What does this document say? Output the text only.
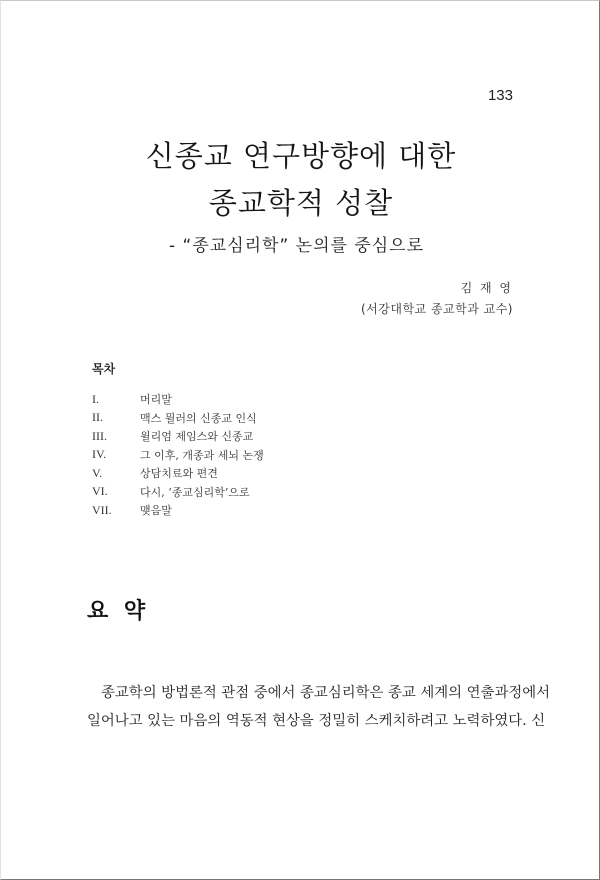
133
신종교 연구방향에 대한
종교학적 성찰
- “종교심리학” 논의를 중심으로
김 재 영
(서강대학교 종교학과 교수)
목차
I.	머리말
II.	맥스 뮐러의 신종교 인식
III.	윌리엄 제임스와 신종교
IV.	그 이후, 개종과 세뇌 논쟁
V.	상담치료와 편견
VI.	다시, ‘종교심리학’으로
VII.	맺음말
요 약
종교학의 방법론적 관점 중에서 종교심리학은 종교 세계의 연출과정에서
일어나고 있는 마음의 역동적 현상을 정밀히 스케치하려고 노력하였다. 신
